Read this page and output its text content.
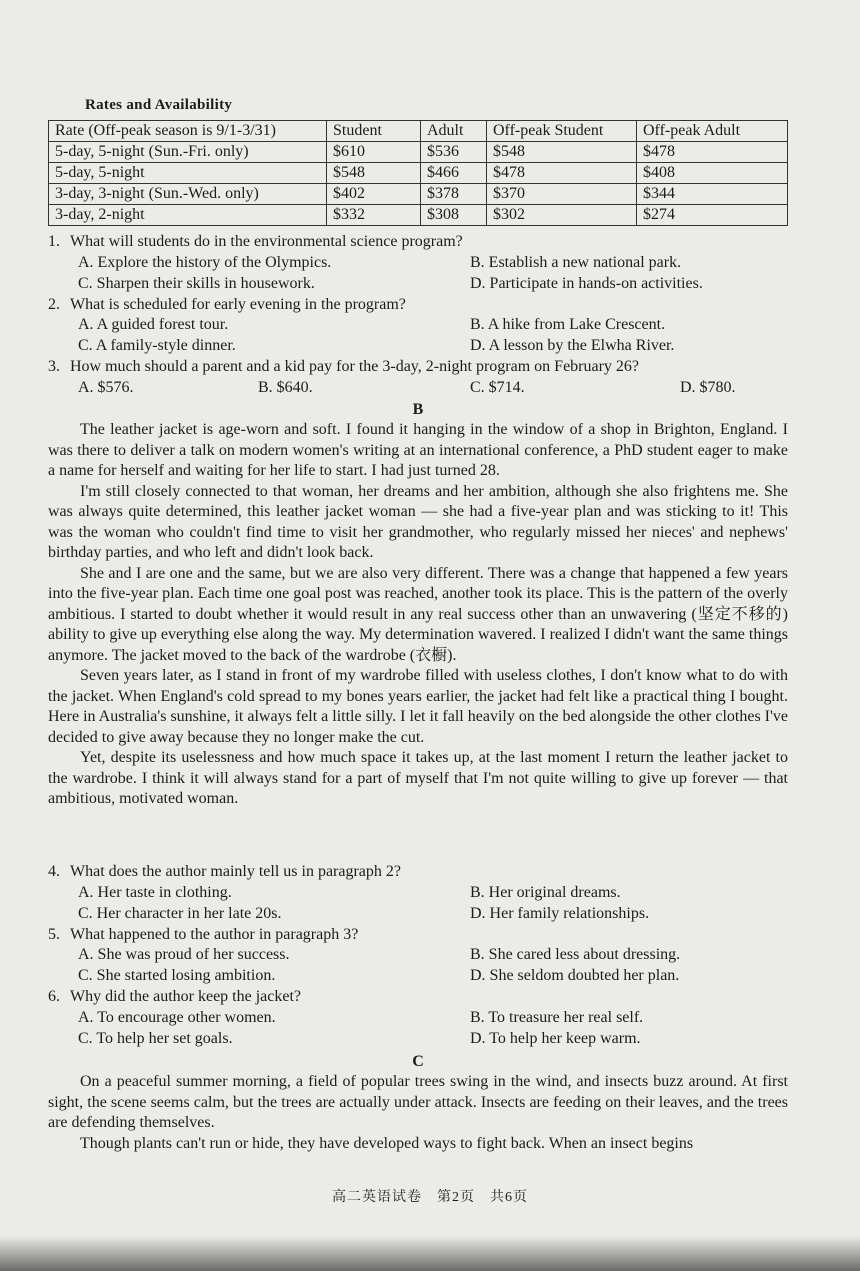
Rates and Availability
Rate (Off-peak season is 9/1-3/31)	Student	Adult	Off-peak Student	Off-peak Adult
5-day, 5-night (Sun.-Fri. only)	$610	$536	$548	$478
5-day, 5-night	$548	$466	$478	$408
3-day, 3-night (Sun.-Wed. only)	$402	$378	$370	$344
3-day, 2-night	$332	$308	$302	$274
1. What will students do in the environmental science program?
A. Explore the history of the Olympics.	B. Establish a new national park.
C. Sharpen their skills in housework.	D. Participate in hands-on activities.
2. What is scheduled for early evening in the program?
A. A guided forest tour.	B. A hike from Lake Crescent.
C. A family-style dinner.	D. A lesson by the Elwha River.
3. How much should a parent and a kid pay for the 3-day, 2-night program on February 26?
A. $576.	B. $640.	C. $714.	D. $780.
B

The leather jacket is age-worn and soft. I found it hanging in the window of a shop in Brighton, England. I was there to deliver a talk on modern women's writing at an international conference, a PhD student eager to make a name for herself and waiting for her life to start. I had just turned 28.

I'm still closely connected to that woman, her dreams and her ambition, although she also frightens me. She was always quite determined, this leather jacket woman — she had a five-year plan and was sticking to it! This was the woman who couldn't find time to visit her grandmother, who regularly missed her nieces' and nephews' birthday parties, and who left and didn't look back.

She and I are one and the same, but we are also very different. There was a change that happened a few years into the five-year plan. Each time one goal post was reached, another took its place. This is the pattern of the overly ambitious. I started to doubt whether it would result in any real success other than an unwavering (坚定不移的) ability to give up everything else along the way. My determination wavered. I realized I didn't want the same things anymore. The jacket moved to the back of the wardrobe (衣橱).

Seven years later, as I stand in front of my wardrobe filled with useless clothes, I don't know what to do with the jacket. When England's cold spread to my bones years earlier, the jacket had felt like a practical thing I bought. Here in Australia's sunshine, it always felt a little silly. I let it fall heavily on the bed alongside the other clothes I've decided to give away because they no longer make the cut.

Yet, despite its uselessness and how much space it takes up, at the last moment I return the leather jacket to the wardrobe. I think it will always stand for a part of myself that I'm not quite willing to give up forever — that ambitious, motivated woman.

4. What does the author mainly tell us in paragraph 2?
A. Her taste in clothing.	B. Her original dreams.
C. Her character in her late 20s.	D. Her family relationships.
5. What happened to the author in paragraph 3?
A. She was proud of her success.	B. She cared less about dressing.
C. She started losing ambition.	D. She seldom doubted her plan.
6. Why did the author keep the jacket?
A. To encourage other women.	B. To treasure her real self.
C. To help her set goals.	D. To help her keep warm.
C

On a peaceful summer morning, a field of popular trees swing in the wind, and insects buzz around. At first sight, the scene seems calm, but the trees are actually under attack. Insects are feeding on their leaves, and the trees are defending themselves.

Though plants can't run or hide, they have developed ways to fight back. When an insect begins

高二英语试卷　第2页　共6页
